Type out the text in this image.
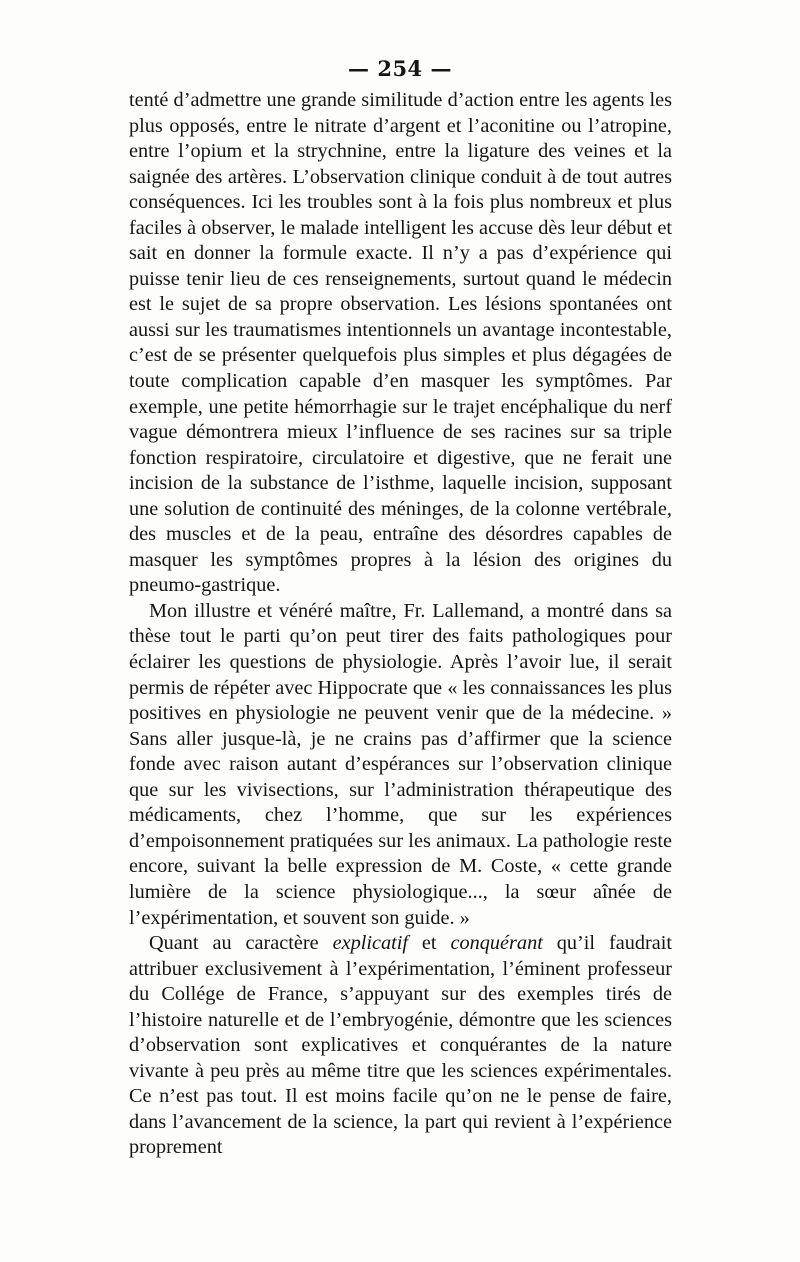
— 254 —

tenté d’admettre une grande similitude d’action entre les agents les plus opposés, entre le nitrate d’argent et l’aconitine ou l’atropine, entre l’opium et la strychnine, entre la ligature des veines et la saignée des artères. L’observation clinique conduit à de tout autres conséquences. Ici les troubles sont à la fois plus nombreux et plus faciles à observer, le malade intelligent les accuse dès leur début et sait en donner la formule exacte. Il n’y a pas d’expérience qui puisse tenir lieu de ces renseignements, surtout quand le médecin est le sujet de sa propre observation. Les lésions spontanées ont aussi sur les traumatismes intentionnels un avantage incontestable, c’est de se présenter quelquefois plus simples et plus dégagées de toute complication capable d’en masquer les symptômes. Par exemple, une petite hémorrhagie sur le trajet encéphalique du nerf vague démontrera mieux l’influence de ses racines sur sa triple fonction respiratoire, circulatoire et digestive, que ne ferait une incision de la substance de l’isthme, laquelle incision, supposant une solution de continuité des méninges, de la colonne vertébrale, des muscles et de la peau, entraîne des désordres capables de masquer les symptômes propres à la lésion des origines du pneumo-gastrique.

Mon illustre et vénéré maître, Fr. Lallemand, a montré dans sa thèse tout le parti qu’on peut tirer des faits pathologiques pour éclairer les questions de physiologie. Après l’avoir lue, il serait permis de répéter avec Hippocrate que « les connaissances les plus positives en physiologie ne peuvent venir que de la médecine. » Sans aller jusque-là, je ne crains pas d’affirmer que la science fonde avec raison autant d’espérances sur l’observation clinique que sur les vivisections, sur l’administration thérapeutique des médicaments, chez l’homme, que sur les expériences d’empoisonnement pratiquées sur les animaux. La pathologie reste encore, suivant la belle expression de M. Coste, « cette grande lumière de la science physiologique..., la sœur aînée de l’expérimentation, et souvent son guide. »

Quant au caractère explicatif et conquérant qu’il faudrait attribuer exclusivement à l’expérimentation, l’éminent professeur du Collége de France, s’appuyant sur des exemples tirés de l’histoire naturelle et de l’embryogénie, démontre que les sciences d’observation sont explicatives et conquérantes de la nature vivante à peu près au même titre que les sciences expérimentales. Ce n’est pas tout. Il est moins facile qu’on ne le pense de faire, dans l’avancement de la science, la part qui revient à l’expérience proprement
